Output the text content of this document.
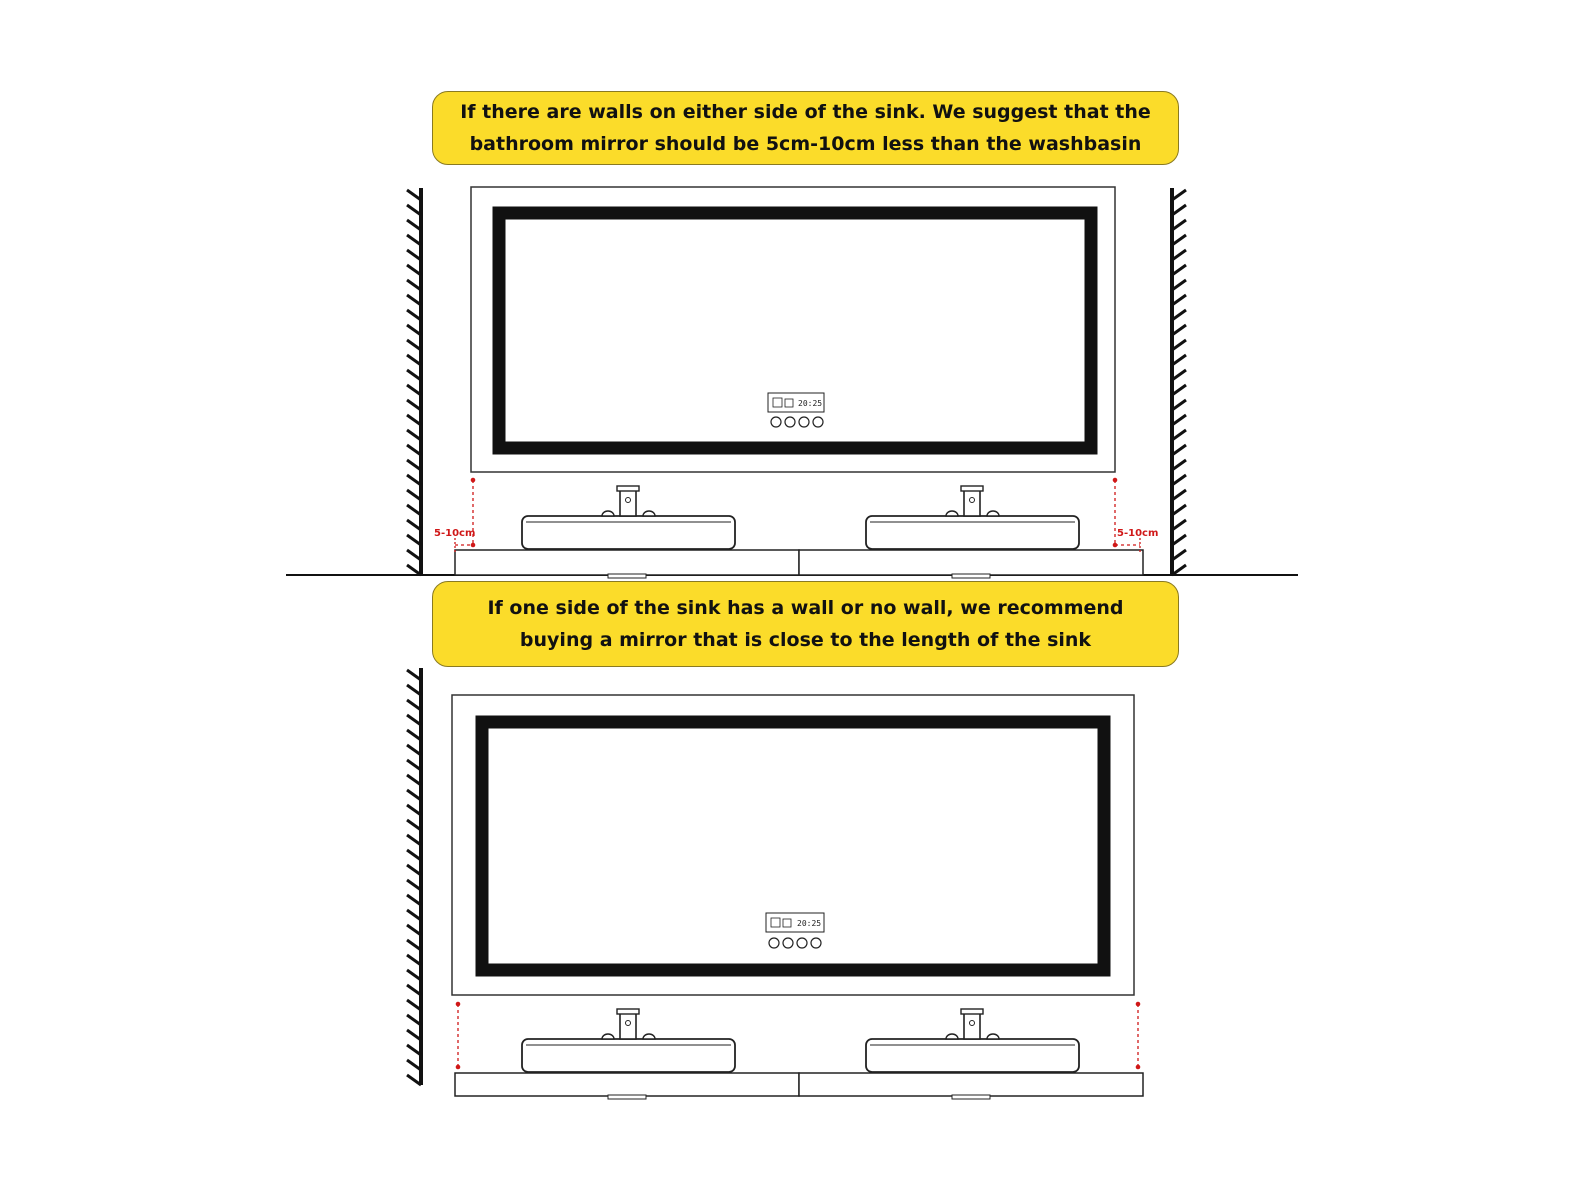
20:25
5-10cm	5-10cm
20:25
If there are walls on either side of the sink. We suggest that the
bathroom mirror should be 5cm-10cm less than the washbasin
If one side of the sink has a wall or no wall, we recommend
buying a mirror that is close to the length of the sink
